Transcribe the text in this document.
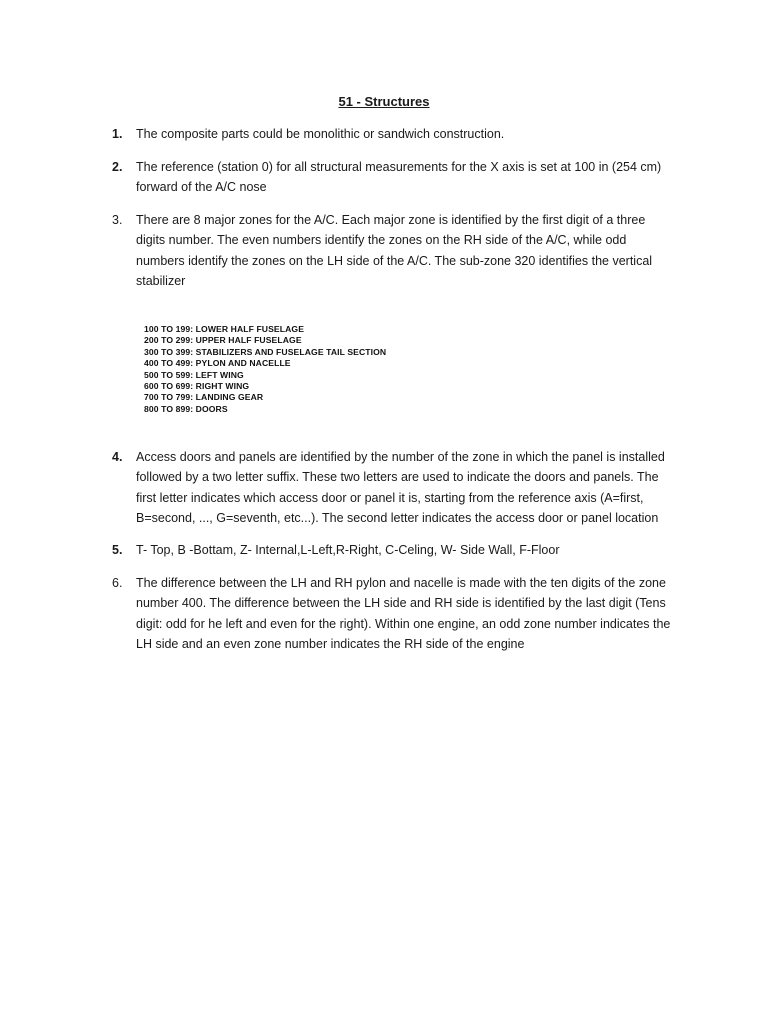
51 - Structures
1.	The composite parts could be monolithic or sandwich construction.
2.	The reference (station 0) for all structural measurements for the X axis is set at 100 in (254 cm) forward of the A/C nose
3.	There are 8 major zones for the A/C. Each major zone is identified by the first digit of a three digits number. The even numbers identify the zones on the RH side of the A/C, while odd numbers identify the zones on the LH side of the A/C. The sub-zone 320 identifies the vertical stabilizer
100 TO 199: LOWER HALF FUSELAGE
200 TO 299: UPPER HALF FUSELAGE
300 TO 399: STABILIZERS AND FUSELAGE TAIL SECTION
400 TO 499: PYLON AND NACELLE
500 TO 599: LEFT WING
600 TO 699: RIGHT WING
700 TO 799: LANDING GEAR
800 TO 899: DOORS
4.	Access doors and panels are identified by the number of the zone in which the panel is installed followed by a two letter suffix. These two letters are used to indicate the doors and panels. The first letter indicates which access door or panel it is, starting from the reference axis (A=first, B=second, ..., G=seventh, etc...). The second letter indicates the access door or panel location
5.	T- Top, B -Bottam, Z- Internal,L-Left,R-Right, C-Celing, W- Side Wall, F-Floor
6.	The difference between the LH and RH pylon and nacelle is made with the ten digits of the zone number 400. The difference between the LH side and RH side is identified by the last digit (Tens digit: odd for he left and even for the right). Within one engine, an odd zone number indicates the LH side and an even zone number indicates the RH side of the engine
